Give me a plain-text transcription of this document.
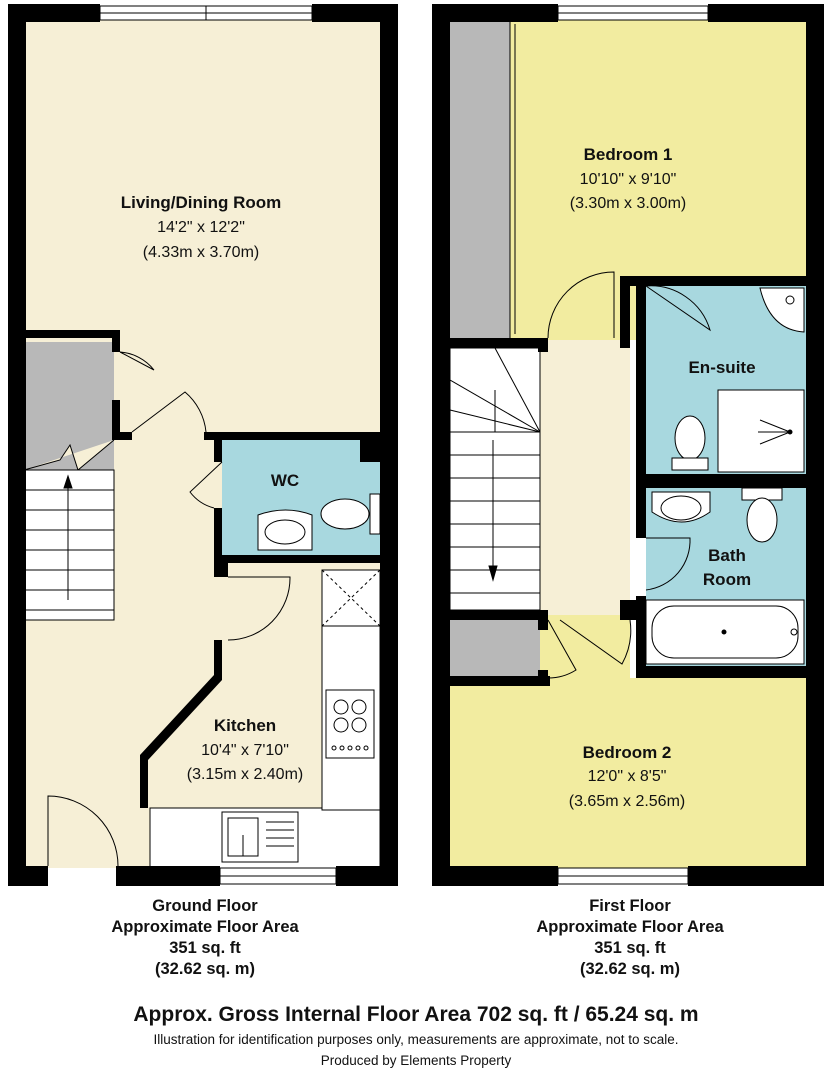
Living/Dining Room
14'2" x 12'2"
(4.33m x 3.70m)
WC
Kitchen
10'4" x 7'10"
(3.15m x 2.40m)
Bedroom 1
10'10" x 9'10"
(3.30m x 3.00m)
En-suite
Bath
Room
Bedroom 2
12'0" x 8'5"
(3.65m x 2.56m)
Ground Floor
Approximate Floor Area
351 sq. ft
(32.62 sq. m)
First Floor
Approximate Floor Area
351 sq. ft
(32.62 sq. m)
Approx. Gross Internal Floor Area 702 sq. ft / 65.24 sq. m
Illustration for identification purposes only, measurements are approximate, not to scale.
Produced by Elements Property
